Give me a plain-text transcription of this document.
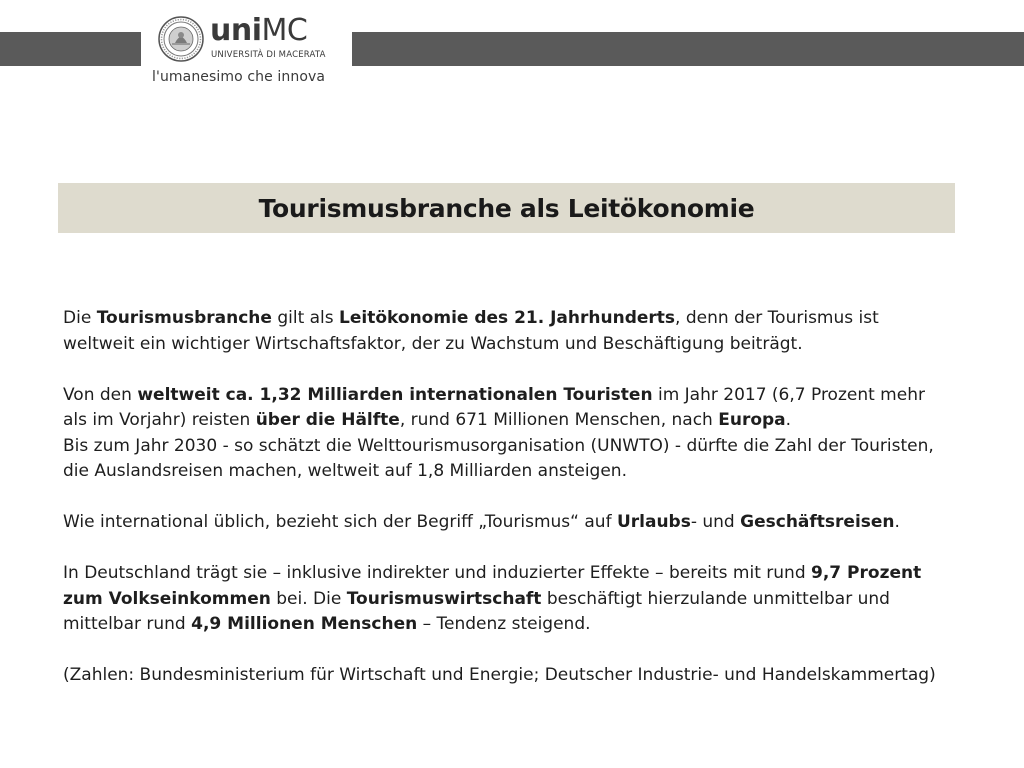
uniMC
UNIVERSITÀ DI MACERATA
l'umanesimo che innova
Tourismusbranche als Leitökonomie

Die Tourismusbranche gilt als Leitökonomie des 21. Jahrhunderts, denn der Tourismus ist weltweit ein wichtiger Wirtschaftsfaktor, der zu Wachstum und Beschäftigung beiträgt.

Von den weltweit ca. 1,32 Milliarden internationalen Touristen im Jahr 2017 (6,7 Prozent mehr als im Vorjahr) reisten über die Hälfte, rund 671 Millionen Menschen, nach Europa.

Bis zum Jahr 2030 - so schätzt die Welttourismusorganisation (UNWTO) - dürfte die Zahl der Touristen, die Auslandsreisen machen, weltweit auf 1,8 Milliarden ansteigen.

Wie international üblich, bezieht sich der Begriff „Tourismus“ auf Urlaubs- und Geschäftsreisen.

In Deutschland trägt sie – inklusive indirekter und induzierter Effekte – bereits mit rund 9,7 Prozent zum Volkseinkommen bei. Die Tourismuswirtschaft beschäftigt hierzulande unmittelbar und mittelbar rund 4,9 Millionen Menschen – Tendenz steigend.

(Zahlen: Bundesministerium für Wirtschaft und Energie; Deutscher Industrie- und Handelskammertag)
